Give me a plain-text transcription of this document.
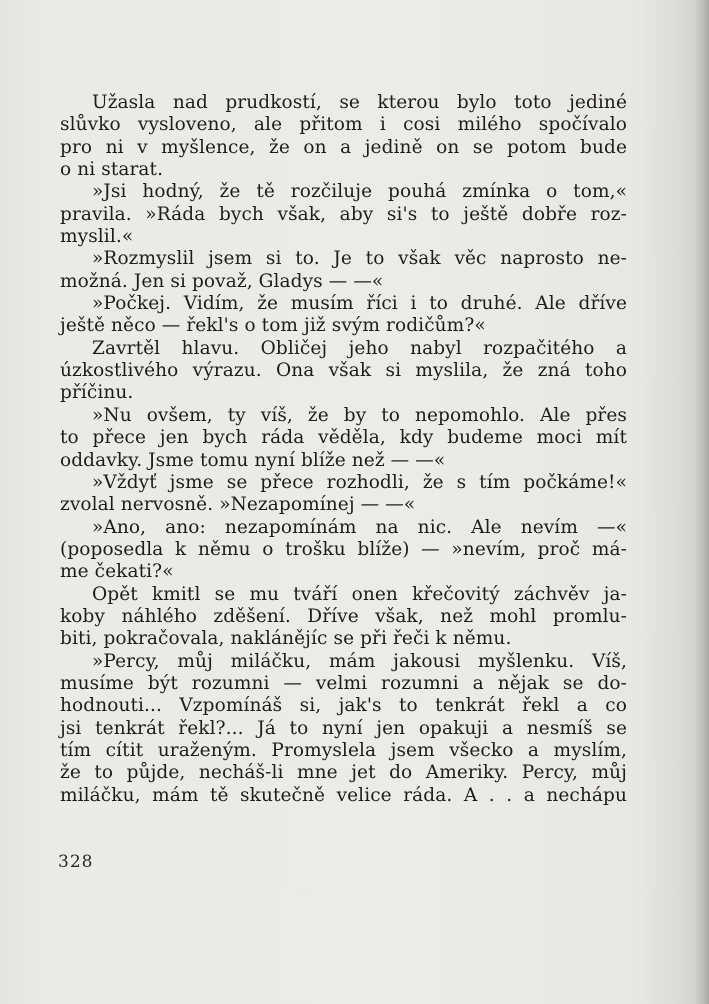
Užasla nad prudkostí, se kterou bylo toto jediné
slůvko vysloveno, ale přitom i cosi milého spočívalo
pro ni v myšlence, že on a jedině on se potom bude
o ni starat.
»Jsi hodný, že tě rozčiluje pouhá zmínka o tom,«
pravila. »Ráda bych však, aby si's to ještě dobře roz-
myslil.«
»Rozmyslil jsem si to. Je to však věc naprosto ne-
možná. Jen si považ, Gladys — —«
»Počkej. Vidím, že musím říci i to druhé. Ale dříve
ještě něco — řekl's o tom již svým rodičům?«
Zavrtěl hlavu. Obličej jeho nabyl rozpačitého a
úzkostlivého výrazu. Ona však si myslila, že zná toho
příčinu.
»Nu ovšem, ty víš, že by to nepomohlo. Ale přes
to přece jen bych ráda věděla, kdy budeme moci mít
oddavky. Jsme tomu nyní blíže než — —«
»Vždyť jsme se přece rozhodli, že s tím počkáme!«
zvolal nervosně. »Nezapomínej — —«
»Ano, ano: nezapomínám na nic. Ale nevím —«
(poposedla k němu o trošku blíže) — »nevím, proč má-
me čekati?«
Opět kmitl se mu tváří onen křečovitý záchvěv ja-
koby náhlého zděšení. Dříve však, než mohl promlu-
biti, pokračovala, naklánějíc se při řeči k němu.
»Percy, můj miláčku, mám jakousi myšlenku. Víš,
musíme být rozumni — velmi rozumni a nějak se do-
hodnouti... Vzpomínáš si, jak's to tenkrát řekl a co
jsi tenkrát řekl?... Já to nyní jen opakuji a nesmíš se
tím cítit uraženým. Promyslela jsem všecko a myslím,
že to půjde, necháš-li mne jet do Ameriky. Percy, můj
miláčku, mám tě skutečně velice ráda. A . . a nechápu
328
